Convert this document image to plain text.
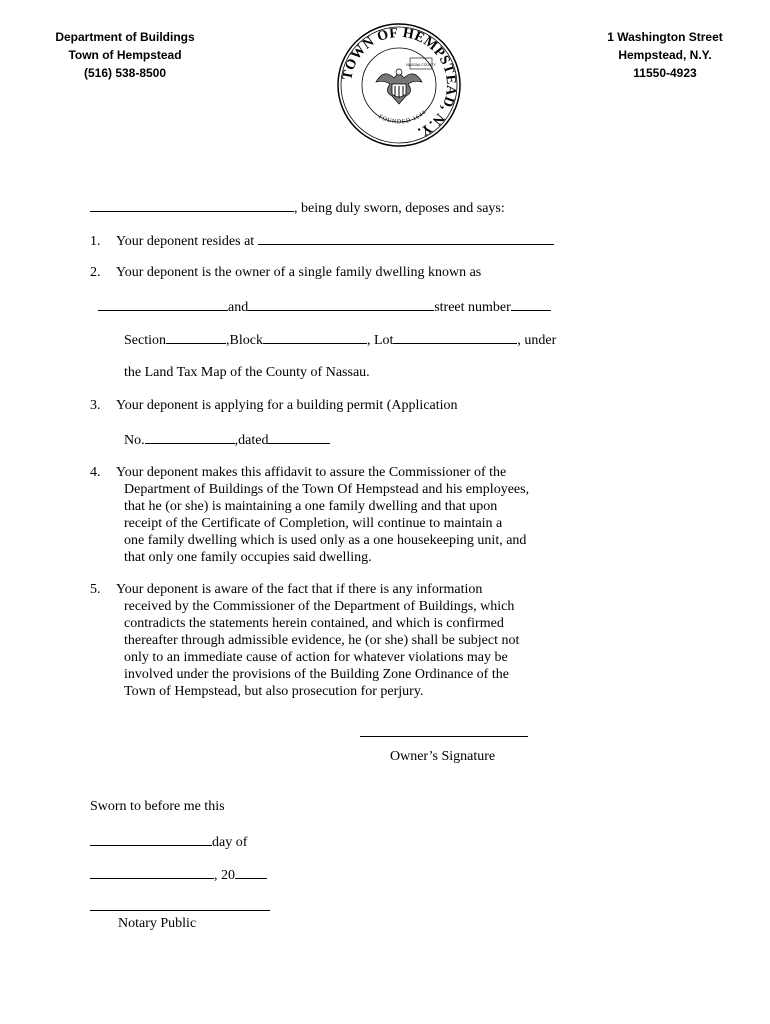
Department of Buildings
Town of Hempstead
(516) 538-8500	TOWN OF HEMPSTEAD, N.Y.
FOUNDED 1644
NASSAU COUNTY
1 Washington Street
Hempstead, N.Y.
11550-4923
, being duly sworn, deposes and says:
1. Your deponent resides at
2. Your deponent is the owner of a single family dwelling known as
and	street number
Section	,Block	, Lot	, under
the Land Tax Map of the County of Nassau.
3. Your deponent is applying for a building permit (Application
No.	,dated
4. Your deponent makes this affidavit to assure the Commissioner of the
Department of Buildings of the Town Of Hempstead and his employees,
that he (or she) is maintaining a one family dwelling and that upon
receipt of the Certificate of Completion, will continue to maintain a
one family dwelling which is used only as a one housekeeping unit, and
that only one family occupies said dwelling.
5. Your deponent is aware of the fact that if there is any information
received by the Commissioner of the Department of Buildings, which
contradicts the statements herein contained, and which is confirmed
thereafter through admissible evidence, he (or she) shall be subject not
only to an immediate cause of action for whatever violations may be
involved under the provisions of the Building Zone Ordinance of the
Town of Hempstead, but also prosecution for perjury.
Owner’s Signature
Sworn to before me this
day of
, 20
Notary Public
